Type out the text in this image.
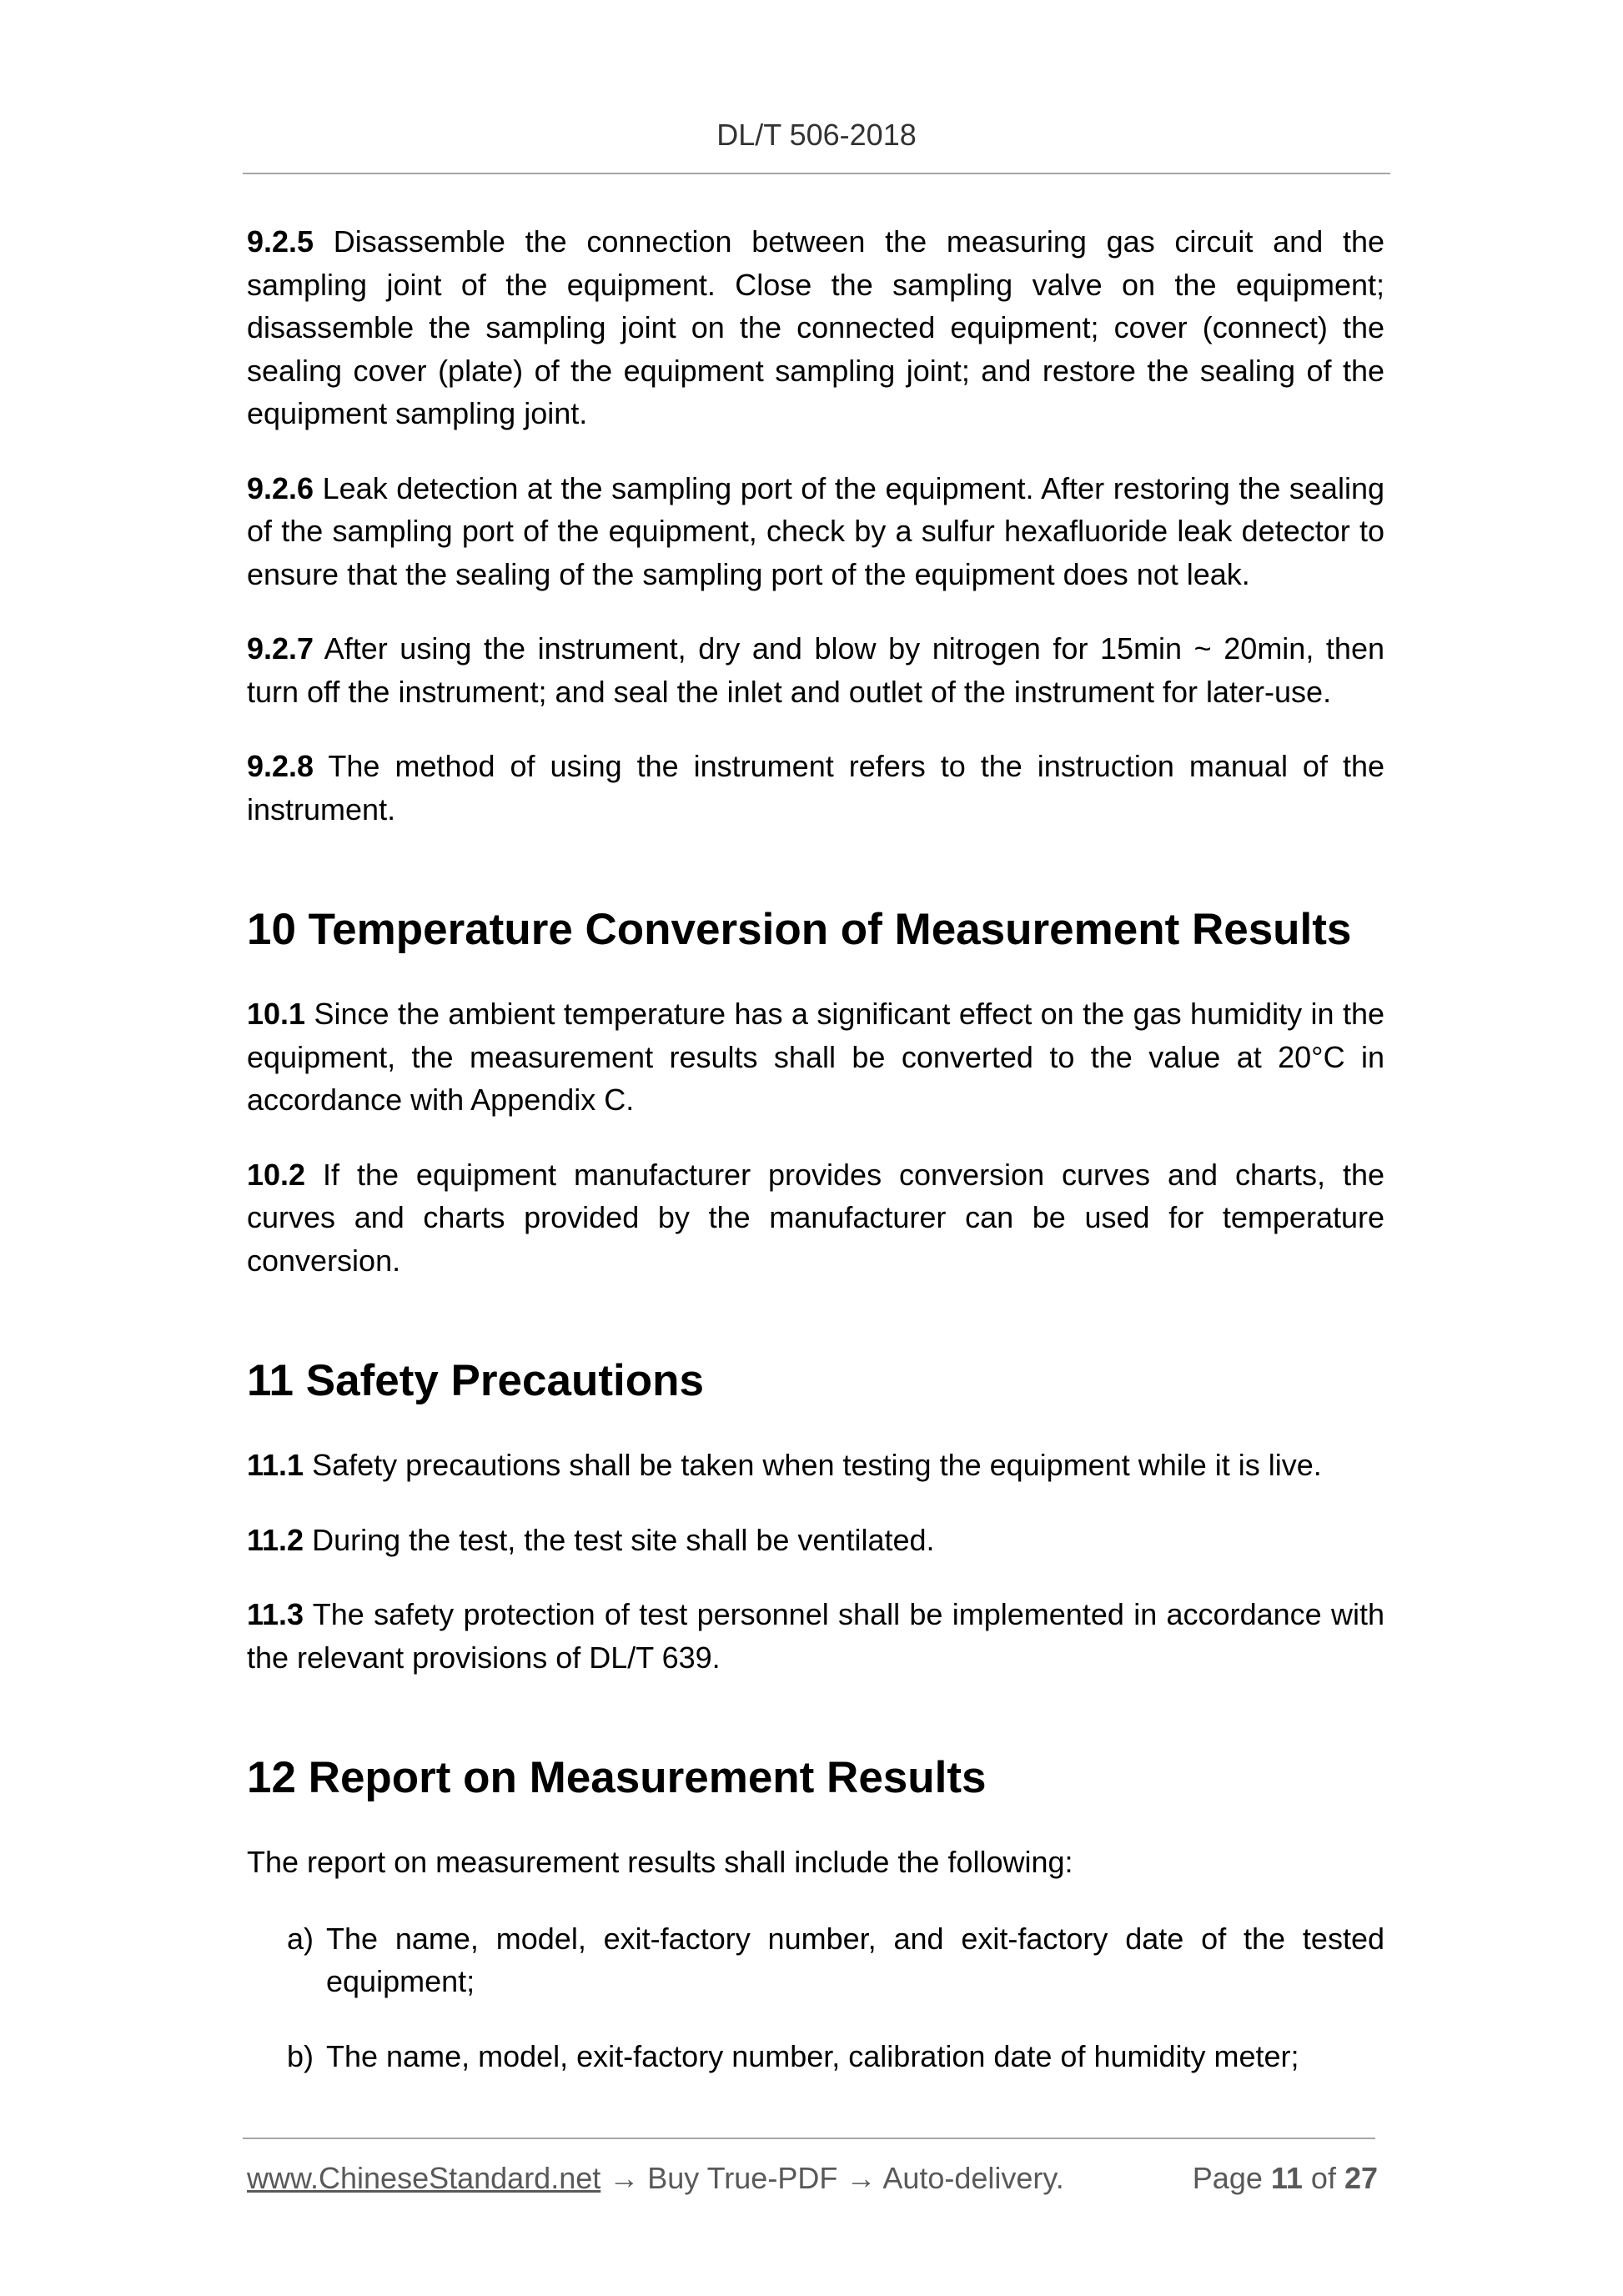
DL/T 506-2018

9.2.5 Disassemble the connection between the measuring gas circuit and the sampling joint of the equipment. Close the sampling valve on the equipment; disassemble the sampling joint on the connected equipment; cover (connect) the sealing cover (plate) of the equipment sampling joint; and restore the sealing of the equipment sampling joint.

9.2.6 Leak detection at the sampling port of the equipment. After restoring the sealing of the sampling port of the equipment, check by a sulfur hexafluoride leak detector to ensure that the sealing of the sampling port of the equipment does not leak.

9.2.7 After using the instrument, dry and blow by nitrogen for 15min ~ 20min, then turn off the instrument; and seal the inlet and outlet of the instrument for later-use.

9.2.8 The method of using the instrument refers to the instruction manual of the instrument.

10 Temperature Conversion of Measurement Results

10.1 Since the ambient temperature has a significant effect on the gas humidity in the equipment, the measurement results shall be converted to the value at 20°C in accordance with Appendix C.

10.2 If the equipment manufacturer provides conversion curves and charts, the curves and charts provided by the manufacturer can be used for temperature conversion.

11 Safety Precautions

11.1 Safety precautions shall be taken when testing the equipment while it is live.

11.2 During the test, the test site shall be ventilated.

11.3 The safety protection of test personnel shall be implemented in accordance with the relevant provisions of DL/T 639.

12 Report on Measurement Results

The report on measurement results shall include the following:

a) The name, model, exit-factory number, and exit-factory date of the tested equipment;
b) The name, model, exit-factory number, calibration date of humidity meter;
www.ChineseStandard.net → Buy True-PDF → Auto-delivery.	Page 11 of 27
